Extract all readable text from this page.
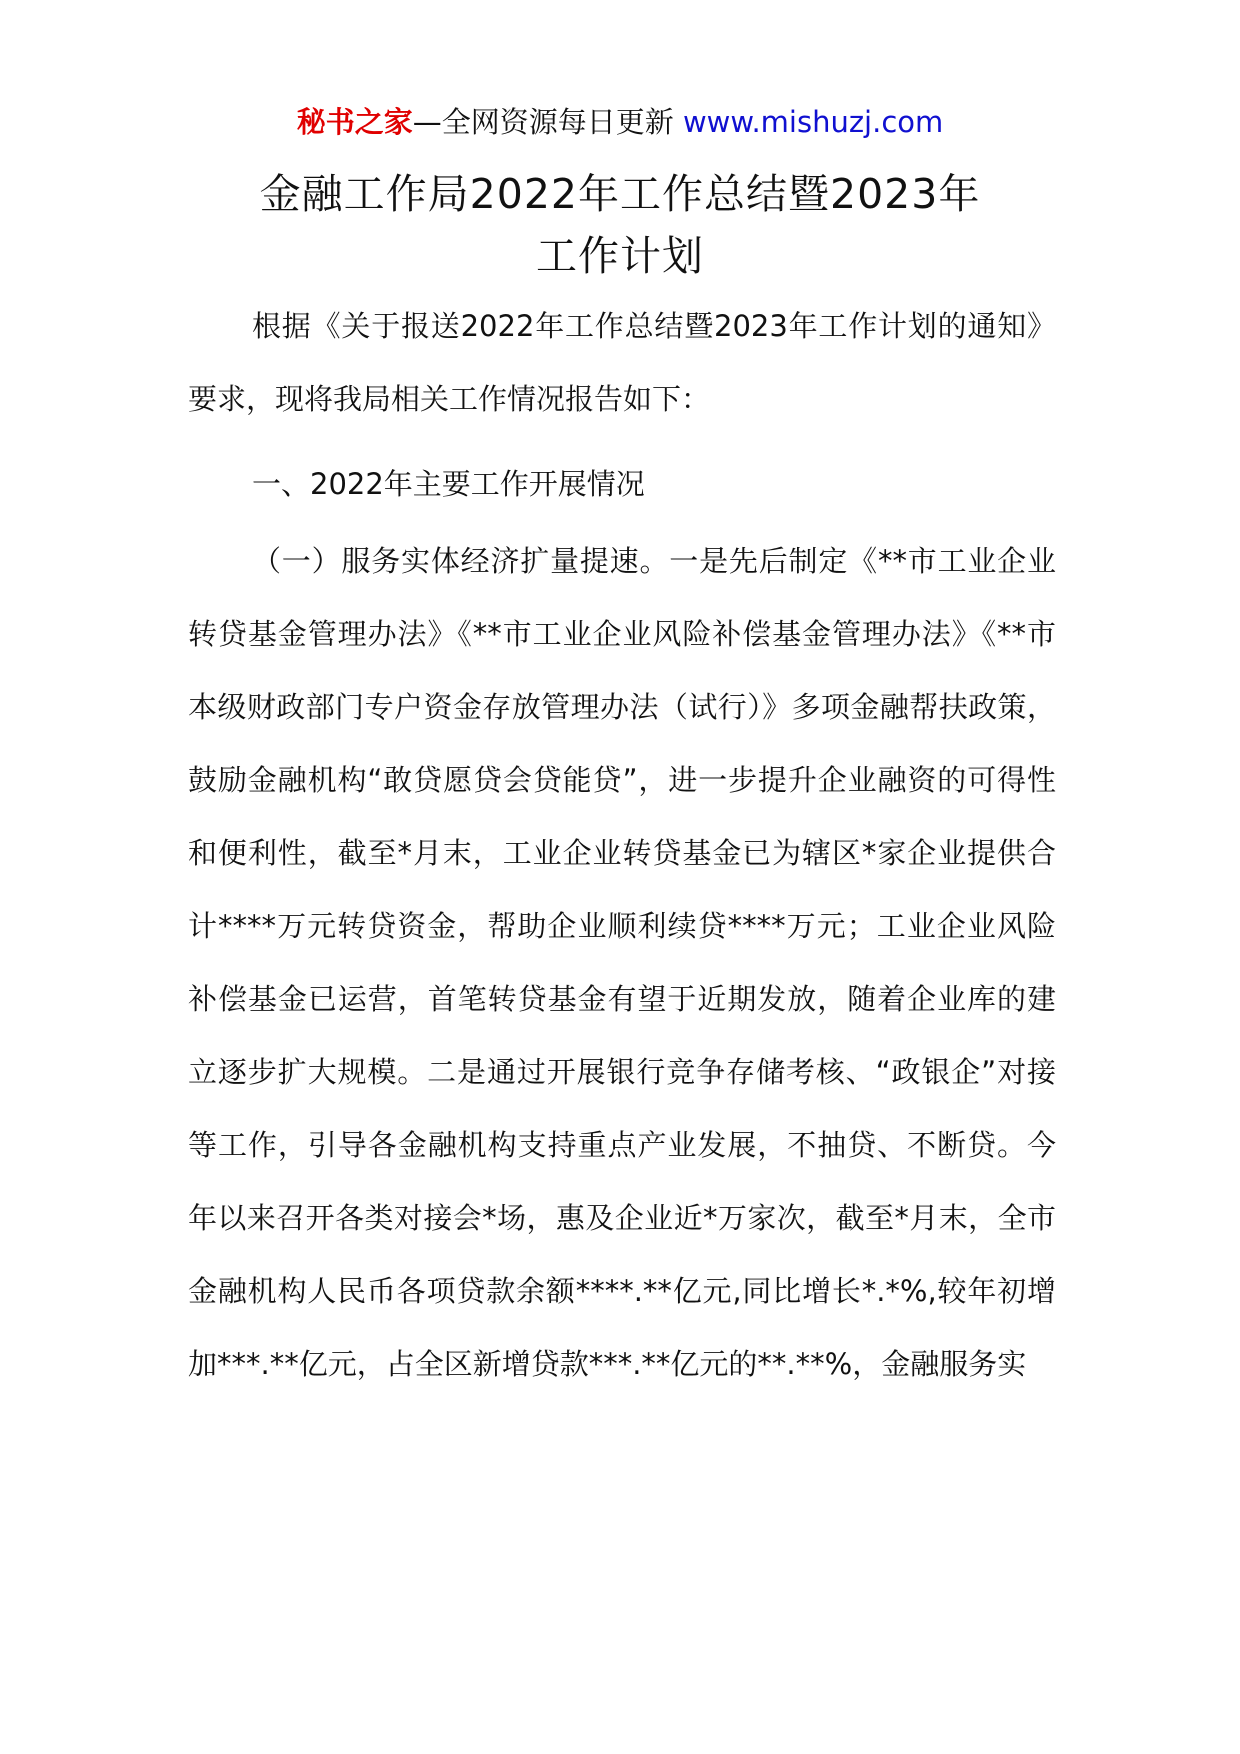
秘书之家—全网资源每日更新 www.mishuzj.com
金融工作局2022年工作总结暨2023年
工作计划

根据《关于报送2022年工作总结暨2023年工作计划的通知》要求，现将我局相关工作情况报告如下：

一、2022年主要工作开展情况

（一）服务实体经济扩量提速。一是先后制定《**市工业企业转贷基金管理办法》《**市工业企业风险补偿基金管理办法》《**市本级财政部门专户资金存放管理办法（试行）》多项金融帮扶政策，鼓励金融机构“敢贷愿贷会贷能贷”，进一步提升企业融资的可得性和便利性，截至*月末，工业企业转贷基金已为辖区*家企业提供合计****万元转贷资金，帮助企业顺利续贷****万元；工业企业风险补偿基金已运营，首笔转贷基金有望于近期发放，随着企业库的建立逐步扩大规模。二是通过开展银行竞争存储考核、“政银企”对接等工作，引导各金融机构支持重点产业发展，不抽贷、不断贷。今年以来召开各类对接会*场，惠及企业近*万家次，截至*月末，全市金融机构人民币各项贷款余额****.**亿元,同比增长*.*%,较年初增加***.**亿元，占全区新增贷款***.**亿元的**.**%，金融服务实
